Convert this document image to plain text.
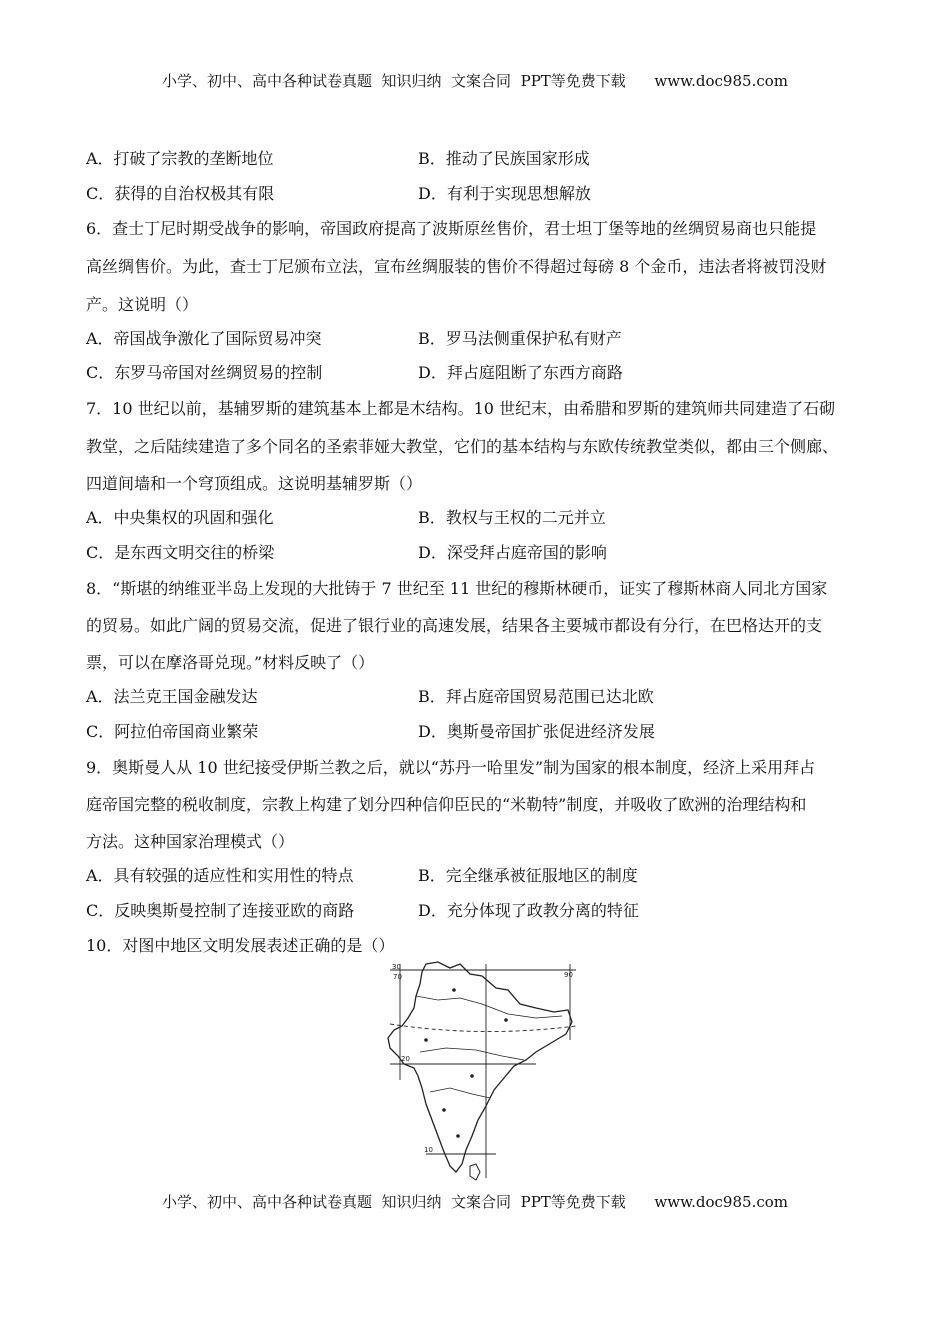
小学、初中、高中各种试卷真题  知识归纳  文案合同  PPT等免费下载      www.doc985.com
A．打破了宗教的垄断地位	B．推动了民族国家形成
C．获得的自治权极其有限	D．有利于实现思想解放
6．查士丁尼时期受战争的影响，帝国政府提高了波斯原丝售价，君士坦丁堡等地的丝绸贸易商也只能提
高丝绸售价。为此，查士丁尼颁布立法，宣布丝绸服装的售价不得超过每磅 8 个金币，违法者将被罚没财
产。这说明（）
A．帝国战争激化了国际贸易冲突	B．罗马法侧重保护私有财产
C．东罗马帝国对丝绸贸易的控制	D．拜占庭阻断了东西方商路
7．10 世纪以前，基辅罗斯的建筑基本上都是木结构。10 世纪末，由希腊和罗斯的建筑师共同建造了石砌
教堂，之后陆续建造了多个同名的圣索菲娅大教堂，它们的基本结构与东欧传统教堂类似，都由三个侧廊、
四道间墙和一个穹顶组成。这说明基辅罗斯（）
A．中央集权的巩固和强化	B．教权与王权的二元并立
C．是东西文明交往的桥梁	D．深受拜占庭帝国的影响
8．“斯堪的纳维亚半岛上发现的大批铸于 7 世纪至 11 世纪的穆斯林硬币，证实了穆斯林商人同北方国家
的贸易。如此广阔的贸易交流，促进了银行业的高速发展，结果各主要城市都设有分行，在巴格达开的支
票，可以在摩洛哥兑现。”材料反映了（）
A．法兰克王国金融发达	B．拜占庭帝国贸易范围已达北欧
C．阿拉伯帝国商业繁荣	D．奥斯曼帝国扩张促进经济发展
9．奥斯曼人从 10 世纪接受伊斯兰教之后，就以“苏丹一哈里发”制为国家的根本制度，经济上采用拜占
庭帝国完整的税收制度，宗教上构建了划分四种信仰臣民的“米勒特”制度，并吸收了欧洲的治理结构和
方法。这种国家治理模式（）
A．具有较强的适应性和实用性的特点	B．完全继承被征服地区的制度
C．反映奥斯曼控制了连接亚欧的商路	D．充分体现了政教分离的特征
10．对图中地区文明发展表述正确的是（）
30
70	90
20
10
小学、初中、高中各种试卷真题  知识归纳  文案合同  PPT等免费下载      www.doc985.com
